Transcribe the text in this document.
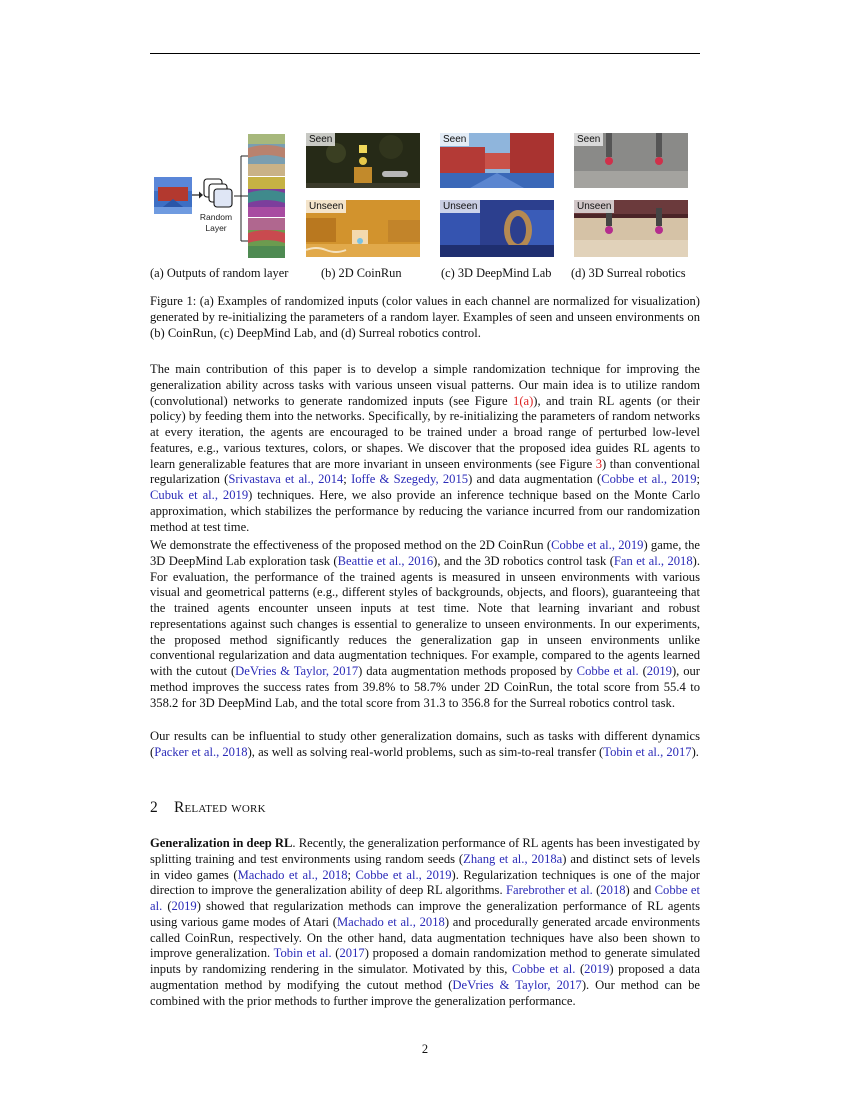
Random
Layer
Seen
Unseen
Seen
Unseen
Seen
Unseen
(a) Outputs of random layer	(b) 2D CoinRun	(c) 3D DeepMind Lab (d) 3D Surreal robotics

Figure 1: (a) Examples of randomized inputs (color values in each channel are normalized for visualization) generated by re-initializing the parameters of a random layer. Examples of seen and unseen environments on (b) CoinRun, (c) DeepMind Lab, and (d) Surreal robotics control.

The main contribution of this paper is to develop a simple randomization technique for improving the generalization ability across tasks with various unseen visual patterns. Our main idea is to utilize random (convolutional) networks to generate randomized inputs (see Figure 1(a)), and train RL agents (or their policy) by feeding them into the networks. Specifically, by re-initializing the parameters of random networks at every iteration, the agents are encouraged to be trained under a broad range of perturbed low-level features, e.g., various textures, colors, or shapes. We discover that the proposed idea guides RL agents to learn generalizable features that are more invariant in unseen environments (see Figure 3) than conventional regularization (Srivastava et al., 2014; Ioffe & Szegedy, 2015) and data augmentation (Cobbe et al., 2019; Cubuk et al., 2019) techniques. Here, we also provide an inference technique based on the Monte Carlo approximation, which stabilizes the performance by reducing the variance incurred from our randomization method at test time.

We demonstrate the effectiveness of the proposed method on the 2D CoinRun (Cobbe et al., 2019) game, the 3D DeepMind Lab exploration task (Beattie et al., 2016), and the 3D robotics control task (Fan et al., 2018). For evaluation, the performance of the trained agents is measured in unseen environments with various visual and geometrical patterns (e.g., different styles of backgrounds, objects, and floors), guaranteeing that the trained agents encounter unseen inputs at test time. Note that learning invariant and robust representations against such changes is essential to generalize to unseen environments. In our experiments, the proposed method significantly reduces the generalization gap in unseen environments unlike conventional regularization and data augmentation techniques. For example, compared to the agents learned with the cutout (DeVries & Taylor, 2017) data augmentation methods proposed by Cobbe et al. (2019), our method improves the success rates from 39.8% to 58.7% under 2D CoinRun, the total score from 55.4 to 358.2 for 3D DeepMind Lab, and the total score from 31.3 to 356.8 for the Surreal robotics control task.

Our results can be influential to study other generalization domains, such as tasks with different dynamics (Packer et al., 2018), as well as solving real-world problems, such as sim-to-real transfer (Tobin et al., 2017).

2 Related work

Generalization in deep RL. Recently, the generalization performance of RL agents has been investigated by splitting training and test environments using random seeds (Zhang et al., 2018a) and distinct sets of levels in video games (Machado et al., 2018; Cobbe et al., 2019). Regularization techniques is one of the major direction to improve the generalization ability of deep RL algorithms. Farebrother et al. (2018) and Cobbe et al. (2019) showed that regularization methods can improve the generalization performance of RL agents using various game modes of Atari (Machado et al., 2018) and procedurally generated arcade environments called CoinRun, respectively. On the other hand, data augmentation techniques have also been shown to improve generalization. Tobin et al. (2017) proposed a domain randomization method to generate simulated inputs by randomizing rendering in the simulator. Motivated by this, Cobbe et al. (2019) proposed a data augmentation method by modifying the cutout method (DeVries & Taylor, 2017). Our method can be combined with the prior methods to further improve the generalization performance.

2
